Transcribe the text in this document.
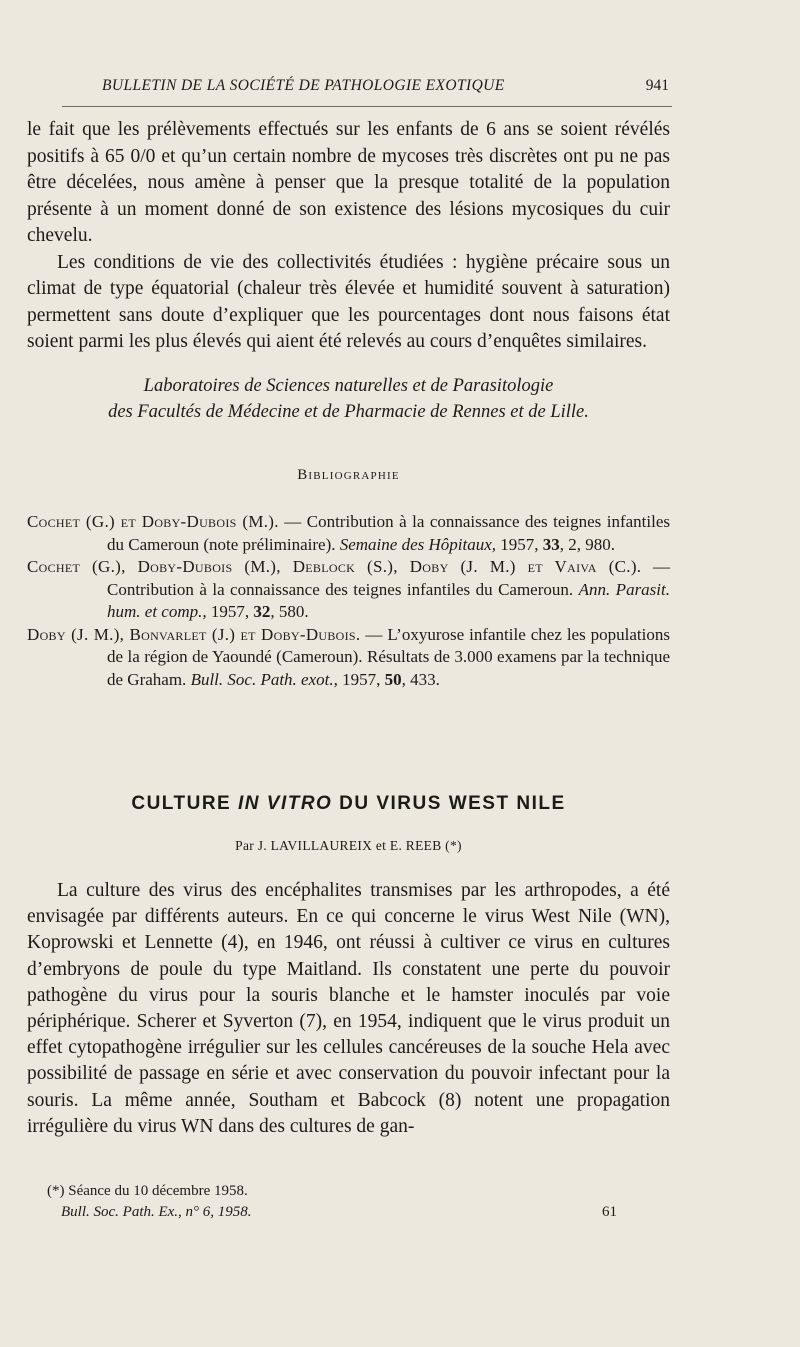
BULLETIN DE LA SOCIÉTÉ DE PATHOLOGIE EXOTIQUE	941

le fait que les prélèvements effectués sur les enfants de 6 ans se soient révélés positifs à 65 0/0 et qu’un certain nombre de mycoses très discrètes ont pu ne pas être décelées, nous amène à penser que la presque totalité de la population présente à un moment donné de son existence des lésions mycosiques du cuir chevelu.

Les conditions de vie des collectivités étudiées : hygiène précaire sous un climat de type équatorial (chaleur très élevée et humidité souvent à saturation) permettent sans doute d’expliquer que les pourcentages dont nous faisons état soient parmi les plus élevés qui aient été relevés au cours d’enquêtes similaires.

Laboratoires de Sciences naturelles et de Parasitologie
des Facultés de Médecine et de Pharmacie de Rennes et de Lille.
Bibliographie

Cochet (G.) et Doby-Dubois (M.). — Contribution à la connaissance des teignes infantiles du Cameroun (note préliminaire). Semaine des Hôpitaux, 1957, 33, 2, 980.

Cochet (G.), Doby-Dubois (M.), Deblock (S.), Doby (J. M.) et Vaiva (C.). — Contribution à la connaissance des teignes infantiles du Cameroun. Ann. Parasit. hum. et comp., 1957, 32, 580.

Doby (J. M.), Bonvarlet (J.) et Doby-Dubois. — L’oxyurose infantile chez les populations de la région de Yaoundé (Cameroun). Résultats de 3.000 examens par la technique de Graham. Bull. Soc. Path. exot., 1957, 50, 433.

CULTURE IN VITRO DU VIRUS WEST NILE
Par J. LAVILLAUREIX et E. REEB (*)

La culture des virus des encéphalites transmises par les arthropodes, a été envisagée par différents auteurs. En ce qui concerne le virus West Nile (WN), Koprowski et Lennette (4), en 1946, ont réussi à cultiver ce virus en cultures d’embryons de poule du type Maitland. Ils constatent une perte du pouvoir pathogène du virus pour la souris blanche et le hamster inoculés par voie périphérique. Scherer et Syverton (7), en 1954, indiquent que le virus produit un effet cytopathogène irrégulier sur les cellules cancéreuses de la souche Hela avec possibilité de passage en série et avec conservation du pouvoir infectant pour la souris. La même année, Southam et Babcock (8) notent une propagation irrégulière du virus WN dans des cultures de gan-

(*) Séance du 10 décembre 1958.
Bull. Soc. Path. Ex., n° 6, 1958.	61
